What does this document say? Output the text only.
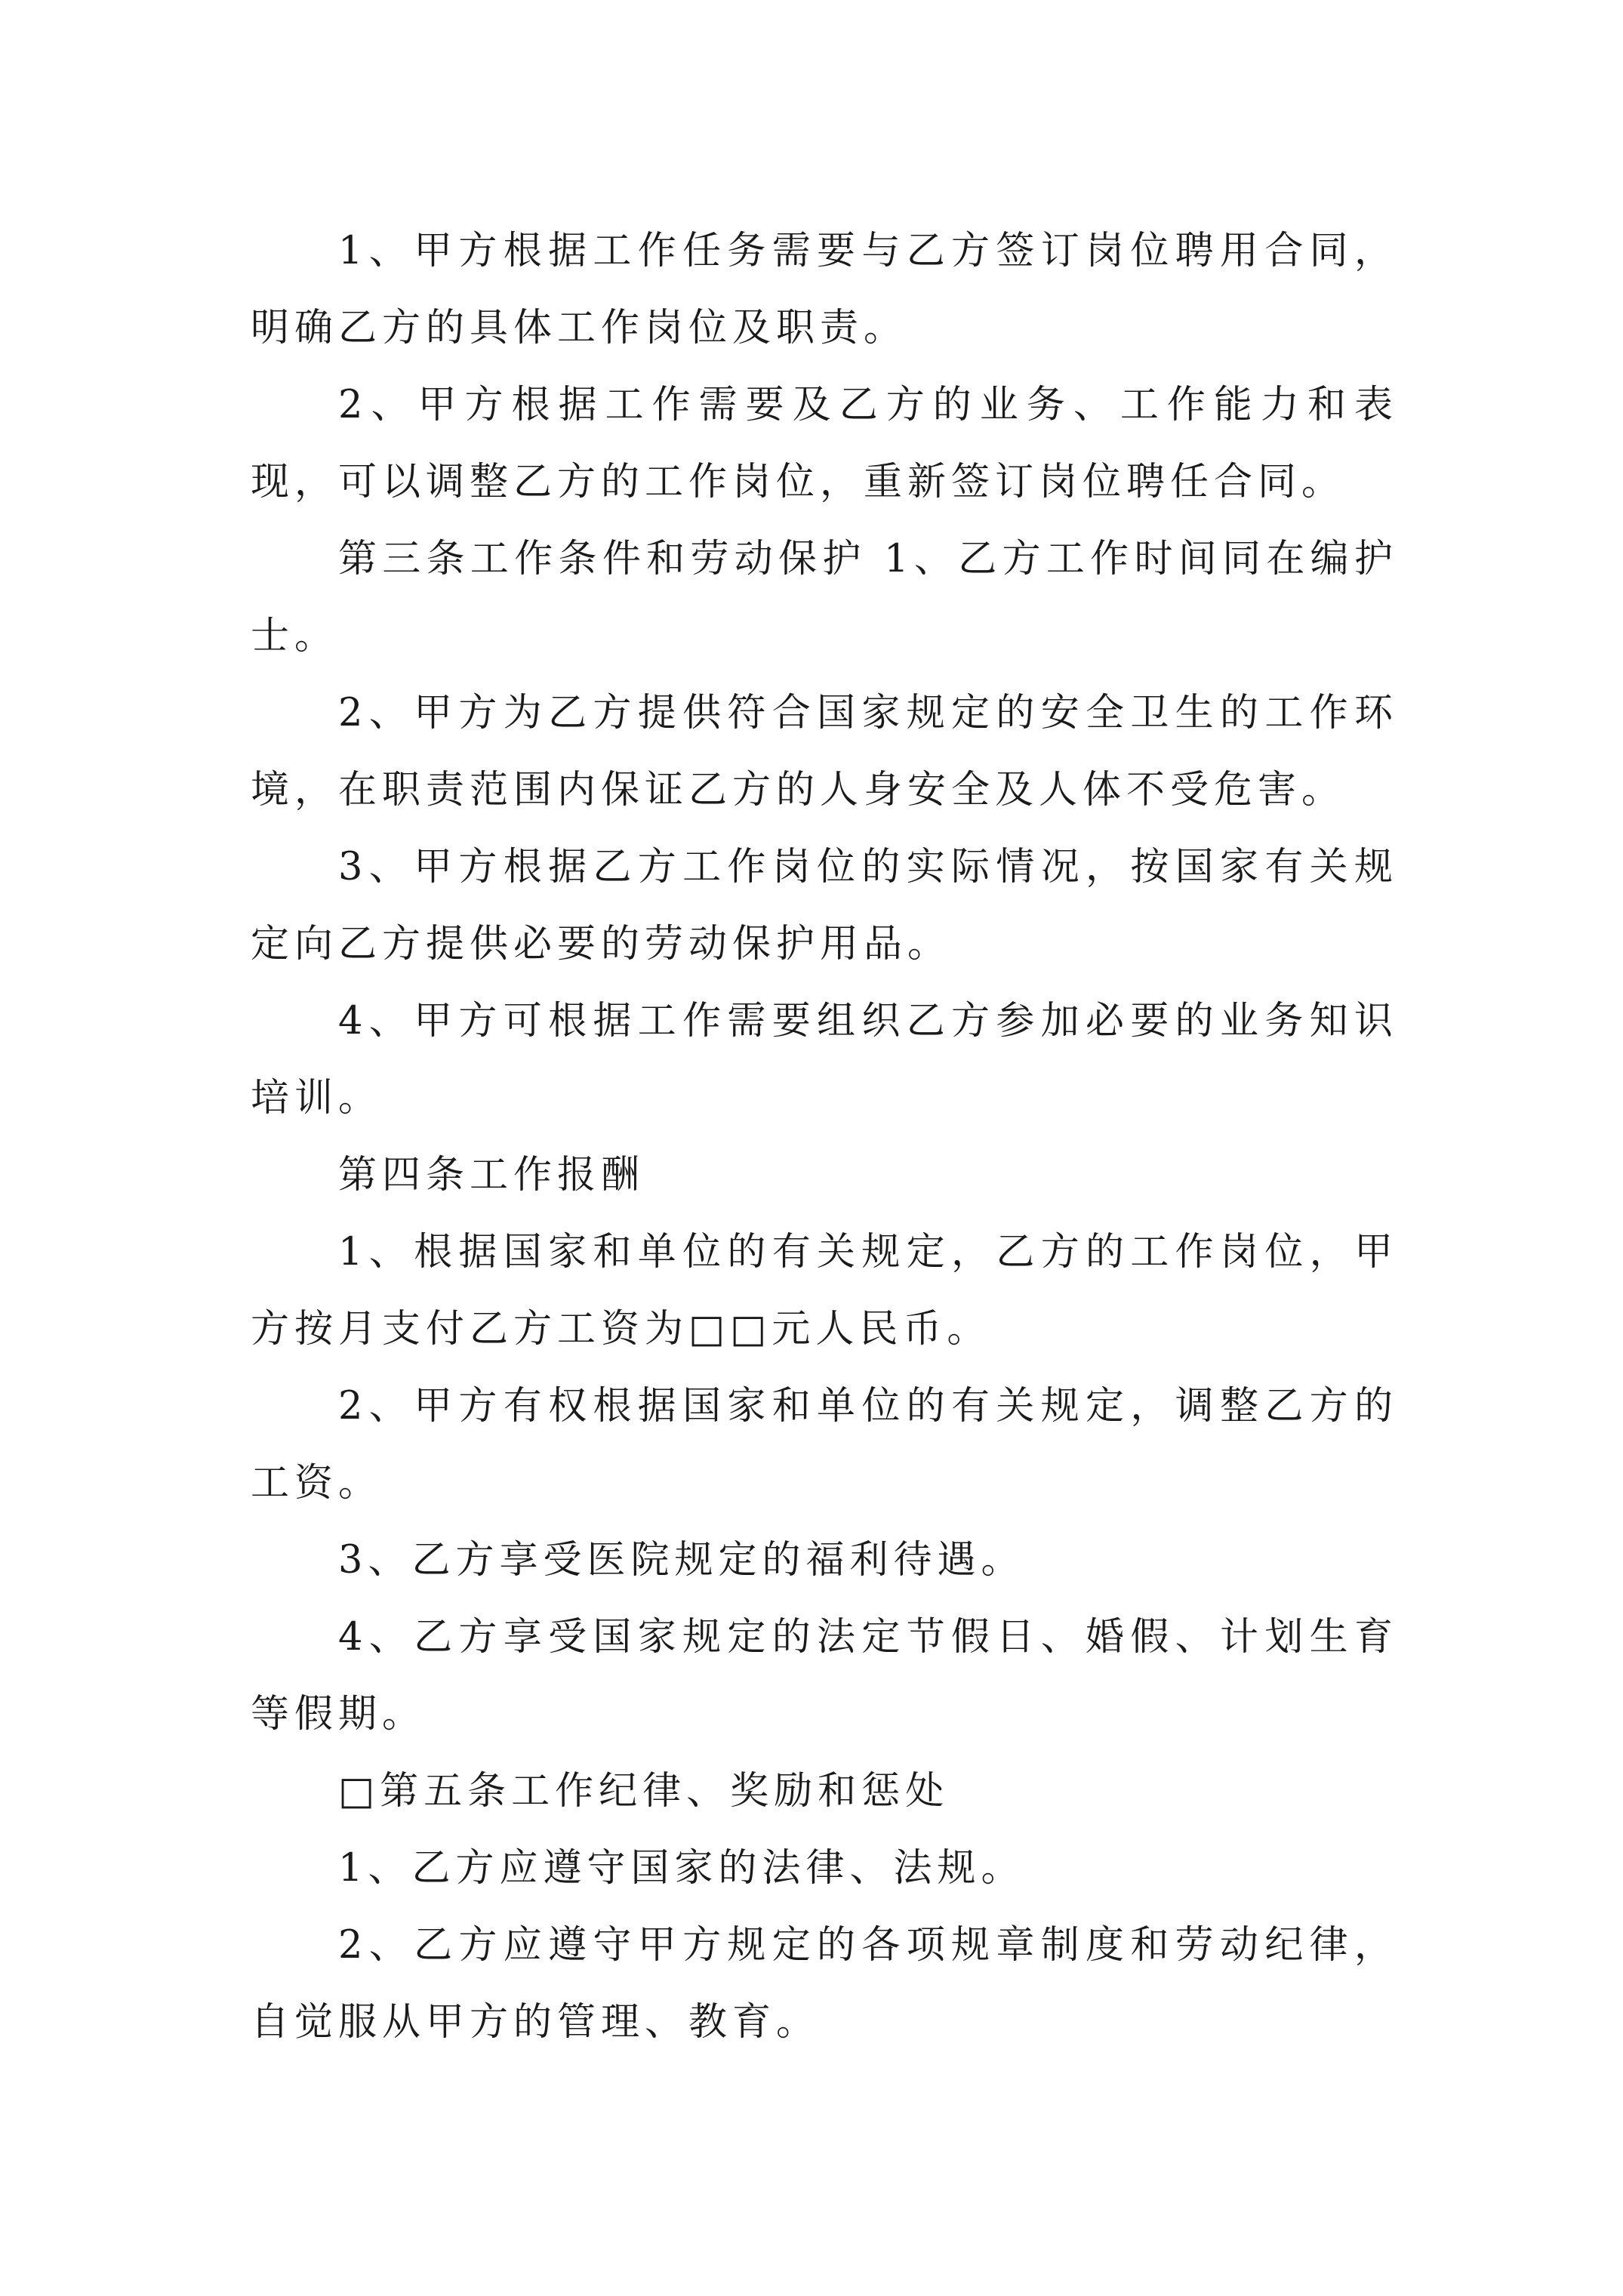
1、甲方根据工作任务需要与乙方签订岗位聘用合同，明确乙方的具体工作岗位及职责。

2、甲方根据工作需要及乙方的业务、工作能力和表现，可以调整乙方的工作岗位，重新签订岗位聘任合同。

第三条工作条件和劳动保护 1、乙方工作时间同在编护士。

2、甲方为乙方提供符合国家规定的安全卫生的工作环境，在职责范围内保证乙方的人身安全及人体不受危害。

3、甲方根据乙方工作岗位的实际情况，按国家有关规定向乙方提供必要的劳动保护用品。

4、甲方可根据工作需要组织乙方参加必要的业务知识培训。

第四条工作报酬

1、根据国家和单位的有关规定，乙方的工作岗位，甲方按月支付乙方工资为□□元人民币。

2、甲方有权根据国家和单位的有关规定，调整乙方的工资。

3、乙方享受医院规定的福利待遇。

4、乙方享受国家规定的法定节假日、婚假、计划生育等假期。

□第五条工作纪律、奖励和惩处

1、乙方应遵守国家的法律、法规。

2、乙方应遵守甲方规定的各项规章制度和劳动纪律，自觉服从甲方的管理、教育。
